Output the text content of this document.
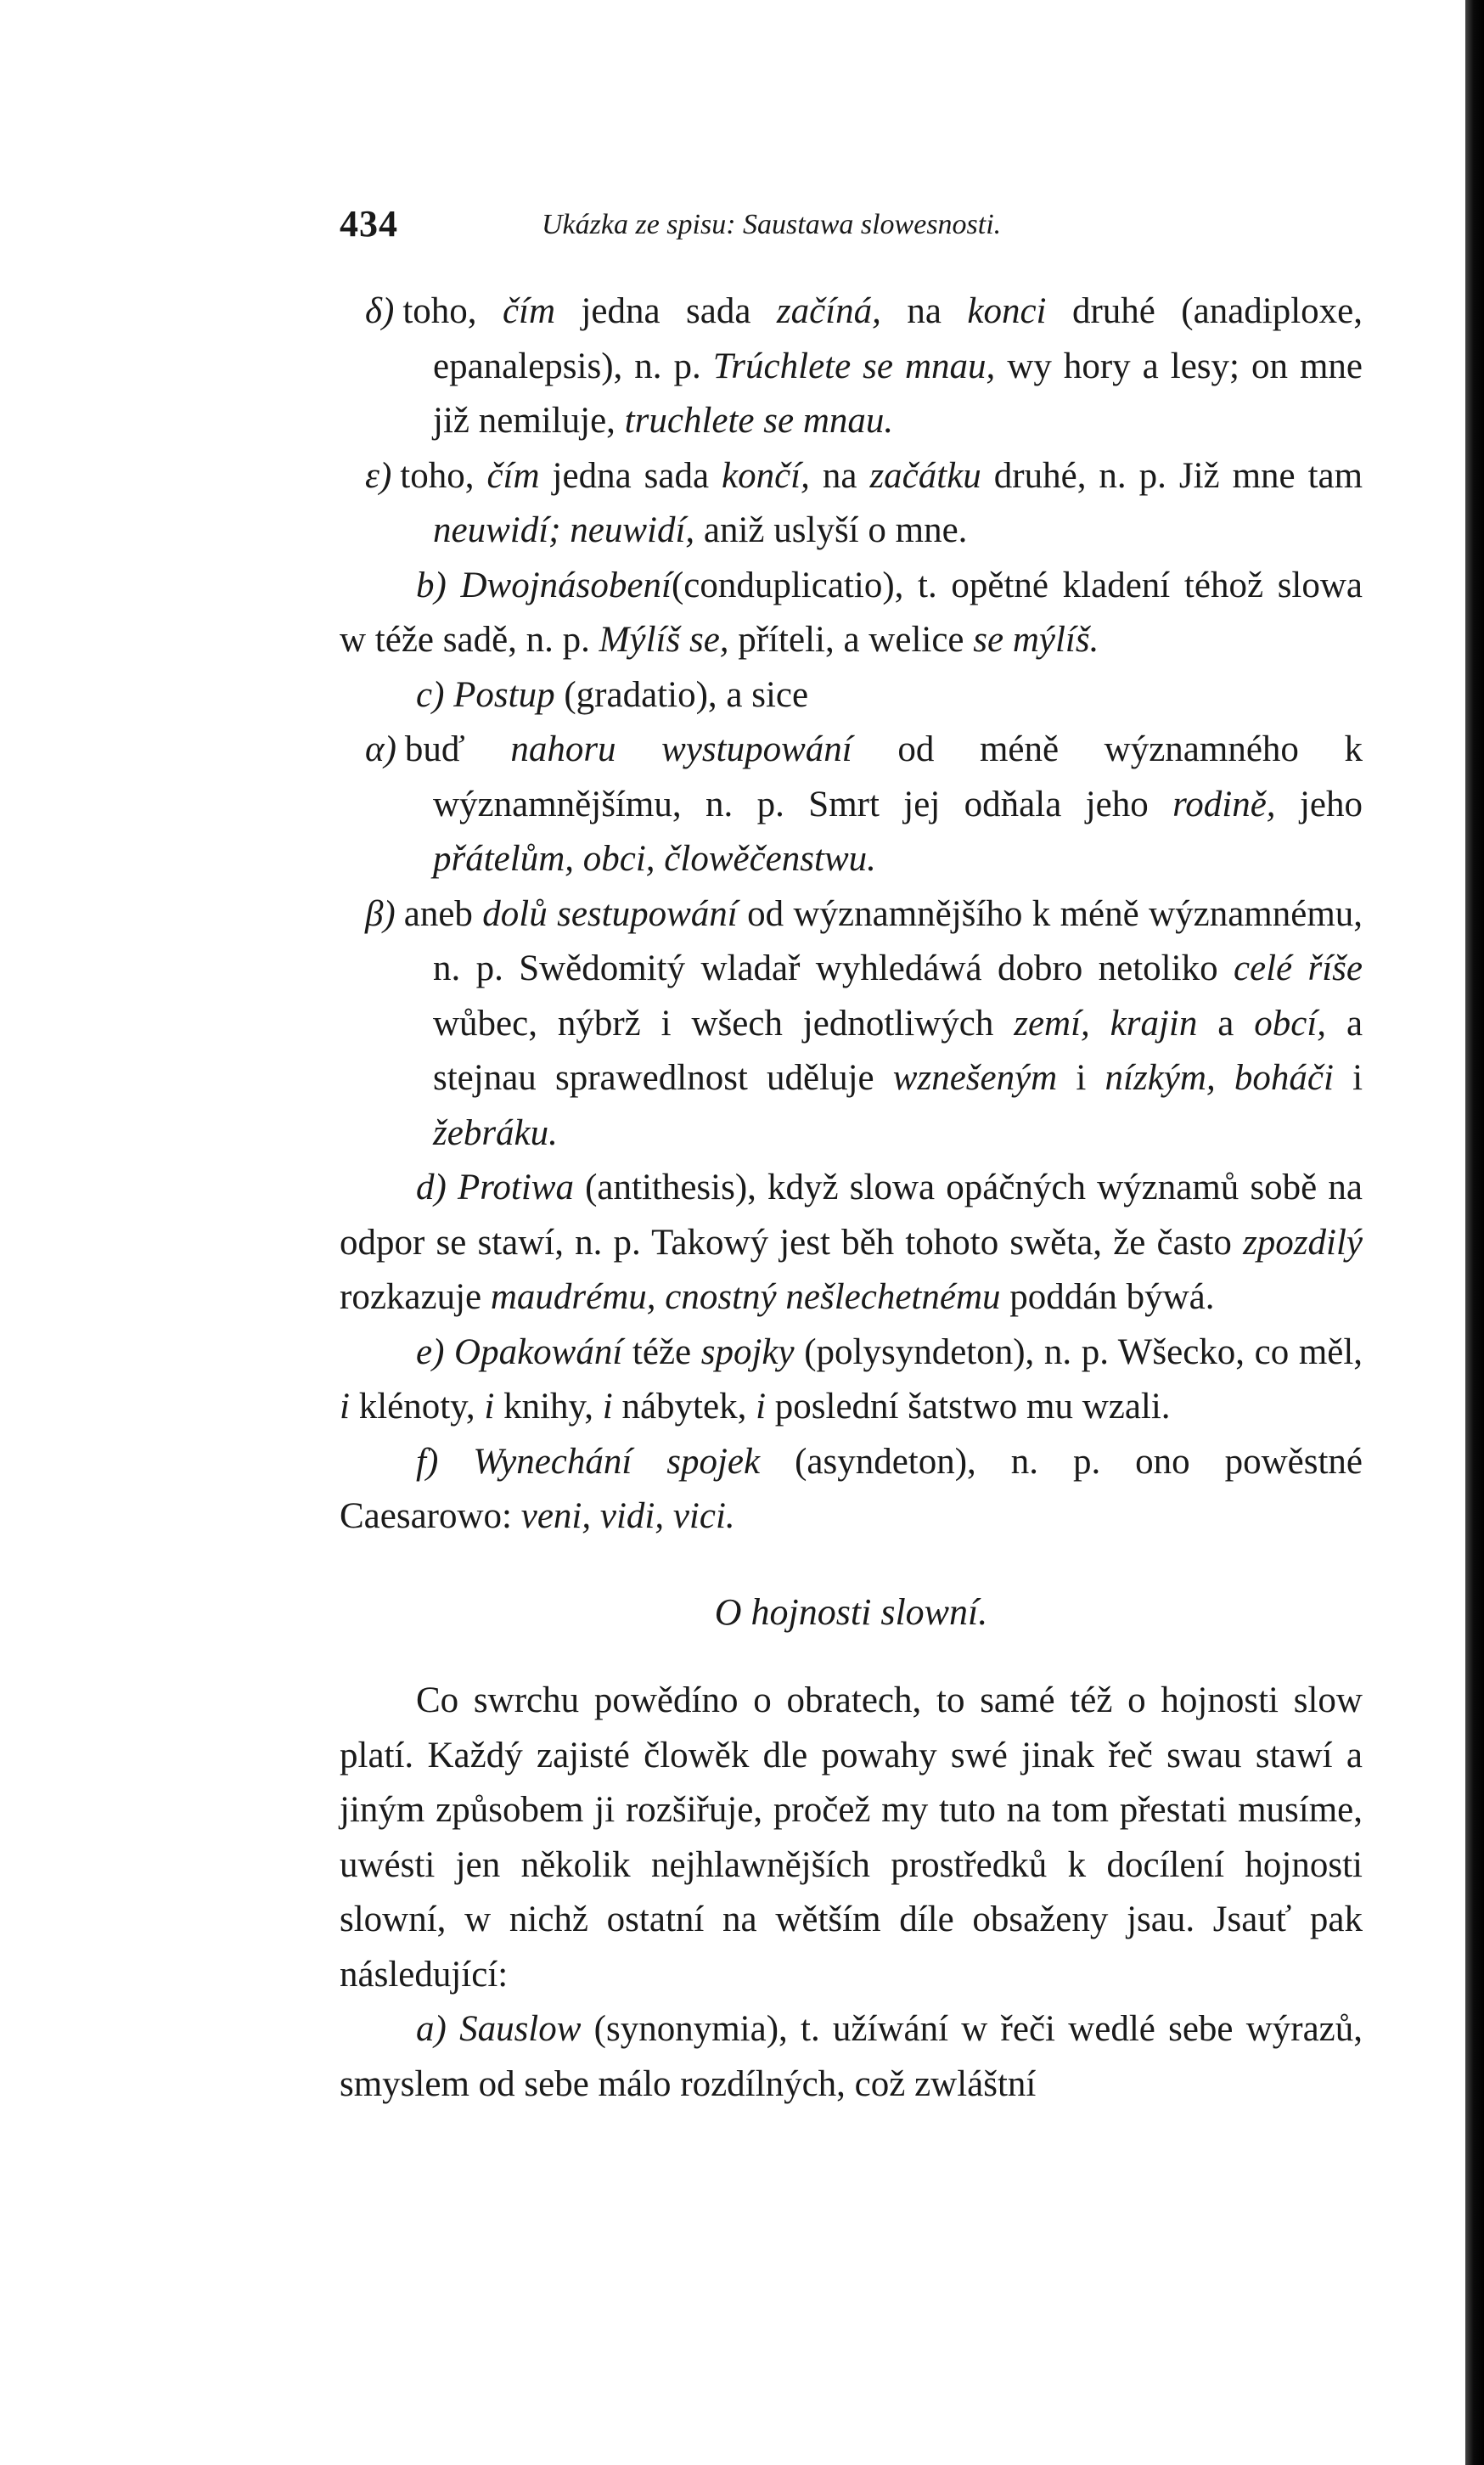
434	Ukázka ze spisu: Saustawa slowesnosti.

δ) toho, čím jedna sada začíná, na konci druhé (anadiploxe, epanalepsis), n. p. Trúchlete se mnau, wy hory a lesy; on mne již nemiluje, truchlete se mnau.

ε) toho, čím jedna sada končí, na začátku druhé, n. p. Již mne tam neuwidí; neuwidí, aniž uslyší o mne.

b) Dwojnásobení(conduplicatio), t. opětné kladení téhož slowa w téže sadě, n. p. Mýlíš se, příteli, a welice se mýlíš.

c) Postup (gradatio), a sice

α) buď nahoru wystupowání od méně wýznamného k wýznamnějšímu, n. p. Smrt jej odňala jeho rodině, jeho přátelům, obci, člowěčenstwu.

β) aneb dolů sestupowání od wýznamnějšího k méně wýznamnému, n. p. Swědomitý wladař wyhledáwá dobro netoliko celé říše wůbec, nýbrž i wšech jednotliwých zemí, krajin a obcí, a stejnau sprawedlnost uděluje wznešeným i nízkým, boháči i žebráku.

d) Protiwa (antithesis), když slowa opáčných wýznamů sobě na odpor se stawí, n. p. Takowý jest běh tohoto swěta, že často zpozdilý rozkazuje maudrému, cnostný nešlechetnému poddán býwá.

e) Opakowání téže spojky (polysyndeton), n. p. Wšecko, co měl, i klénoty, i knihy, i nábytek, i poslední šatstwo mu wzali.

f) Wynechání spojek (asyndeton), n. p. ono powěstné Caesarowo: veni, vidi, vici.

O hojnosti slowní.

Co swrchu powědíno o obratech, to samé též o hojnosti slow platí. Každý zajisté člowěk dle powahy swé jinak řeč swau stawí a jiným způsobem ji rozšiřuje, pročež my tuto na tom přestati musíme, uwésti jen několik nejhlawnějších prostředků k docílení hojnosti slowní, w nichž ostatní na wětším díle obsaženy jsau. Jsauť pak následující:

a) Sauslow (synonymia), t. užíwání w řeči wedlé sebe wýrazů, smyslem od sebe málo rozdílných, což zwláštní
